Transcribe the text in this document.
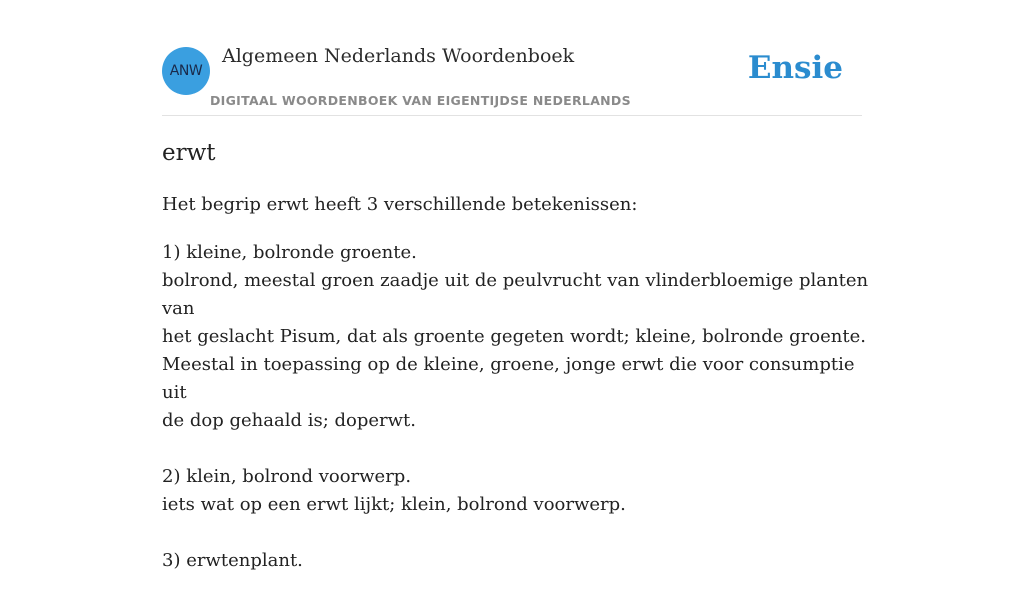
ANW
Algemeen Nederlands Woordenboek
DIGITAAL WOORDENBOEK VAN EIGENTIJDSE NEDERLANDS
Ensie
erwt
Het begrip erwt heeft 3 verschillende betekenissen:
1) kleine, bolronde groente.
bolrond, meestal groen zaadje uit de peulvrucht van vlinderbloemige planten van
het geslacht Pisum, dat als groente gegeten wordt; kleine, bolronde groente.
Meestal in toepassing op de kleine, groene, jonge erwt die voor consumptie uit
de dop gehaald is; doperwt.
2) klein, bolrond voorwerp.
iets wat op een erwt lijkt; klein, bolrond voorwerp.
3) erwtenplant.
